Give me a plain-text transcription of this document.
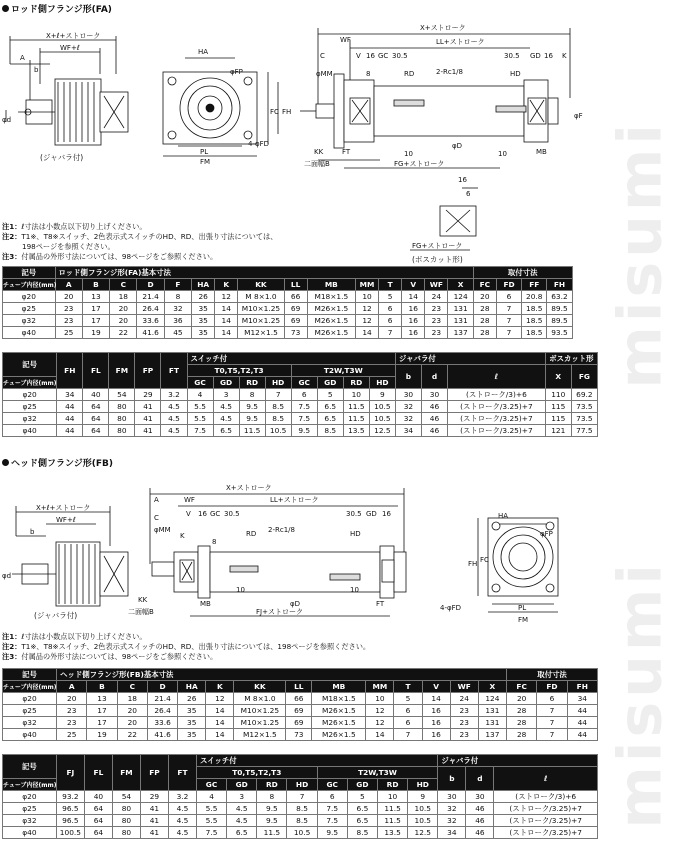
ロッド側フランジ形(FA)
X+ℓ+ストローク
WF+ℓ
A
b
φd
(ジャバラ付)
HA
φFP
FC FH
PL
FM
4-φFD
X+ストローク
WF	LL+ストローク
C	V 16 GC 30.5	30.5 GD 16 K
φMM	2-Rc1/8
RD	HD
8
φF
KK
二面幅B
FT	10
φD
10	MB
FG+ストローク
16
6
FG+ストローク
(ボスカット形)
注1：ℓ寸法は小数点以下切り上げください。
注2：T1※、T8※スイッチ、2色表示式スイッチのHD、RD、出張り寸法については、
198ページを参照ください。
注3：付属品の外形寸法については、98ページをご参照ください。
記号	ロッド側フランジ形(FA)基本寸法															取付寸法			
チューブ内径(mm)	A	B	C	D	F	HA	K	KK	LL	MB	MM	T	V	WF	X	FC	FD	FF	FH
φ20	20	13	18	21.4	8	26	12	M 8×1.0	66	M18×1.5	10	5	14	24	124	20	6	20.8	63.2
φ25	23	17	20	26.4	32	35	14	M10×1.25	69	M26×1.5	12	6	16	23	131	28	7	18.5	89.5
φ32	23	17	20	33.6	36	35	14	M10×1.25	69	M26×1.5	12	6	16	23	131	28	7	18.5	89.5
φ40	25	19	22	41.6	45	35	14	M12×1.5	73	M26×1.5	14	7	16	23	137	28	7	18.5	93.5
記号	FH	FL	FM	FP	FT	スイッチ付								ジャバラ付			ボスカット形	
						T0,T5,T2,T3				T2W,T3W				b	d	ℓ	X	FG
チューブ内径(mm)						GC	GD	RD	HD	GC	GD	RD	HD					
φ20	34	40	54	29	3.2	4	3	8	7	6	5	10	9	30	30	(ストローク/3)+6	110	69.2
φ25	44	64	80	41	4.5	5.5	4.5	9.5	8.5	7.5	6.5	11.5	10.5	32	46	(ストローク/3.25)+7	115	73.5
φ32	44	64	80	41	4.5	5.5	4.5	9.5	8.5	7.5	6.5	11.5	10.5	32	46	(ストローク/3.25)+7	115	73.5
φ40	44	64	80	41	4.5	7.5	6.5	11.5	10.5	9.5	8.5	13.5	12.5	34	46	(ストローク/3.25)+7	121	77.5
ヘッド側フランジ形(FB)
X+ストローク
A	WF	LL+ストローク
X+ℓ+ストローク
WF+ℓ
b
φd
(ジャバラ付)
C	V 16 GC 30.5	30.5 GD 16
φMM	2-Rc1/8
RD	HD
K
8
MB	φD
FJ+ストローク
FT
KK
二面幅B
10	10
HA
φFP
FH FC
PL
FM
4-φFD
注1：ℓ寸法は小数点以下切り上げください。
注2：T1※、T8※スイッチ、2色表示式スイッチのHD、RD、出張り寸法については、198ページを参照ください。
注3：付属品の外形寸法については、98ページをご参照ください。
記号	ヘッド側フランジ形(FB)基本寸法														取付寸法		
チューブ内径(mm)	A	B	C	D	HA	K	KK	LL	MB	MM	T	V	WF	X	FC	FD	FH
φ20	20	13	18	21.4	26	12	M 8×1.0	66	M18×1.5	10	5	14	24	124	20	6	34
φ25	23	17	20	26.4	35	14	M10×1.25	69	M26×1.5	12	6	16	23	131	28	7	44
φ32	23	17	20	33.6	35	14	M10×1.25	69	M26×1.5	12	6	16	23	131	28	7	44
φ40	25	19	22	41.6	35	14	M12×1.5	73	M26×1.5	14	7	16	23	137	28	7	44
記号	FJ	FL	FM	FP	FT	スイッチ付								ジャバラ付		
						T0,T5,T2,T3				T2W,T3W				b	d	ℓ
チューブ内径(mm)						GC	GD	RD	HD	GC	GD	RD	HD			
φ20	93.2	40	54	29	3.2	4	3	8	7	6	5	10	9	30	30	(ストローク/3)+6
φ25	96.5	64	80	41	4.5	5.5	4.5	9.5	8.5	7.5	6.5	11.5	10.5	32	46	(ストローク/3.25)+7
φ32	96.5	64	80	41	4.5	5.5	4.5	9.5	8.5	7.5	6.5	11.5	10.5	32	46	(ストローク/3.25)+7
φ40	100.5	64	80	41	4.5	7.5	6.5	11.5	10.5	9.5	8.5	13.5	12.5	34	46	(ストローク/3.25)+7
misumi
misumi
